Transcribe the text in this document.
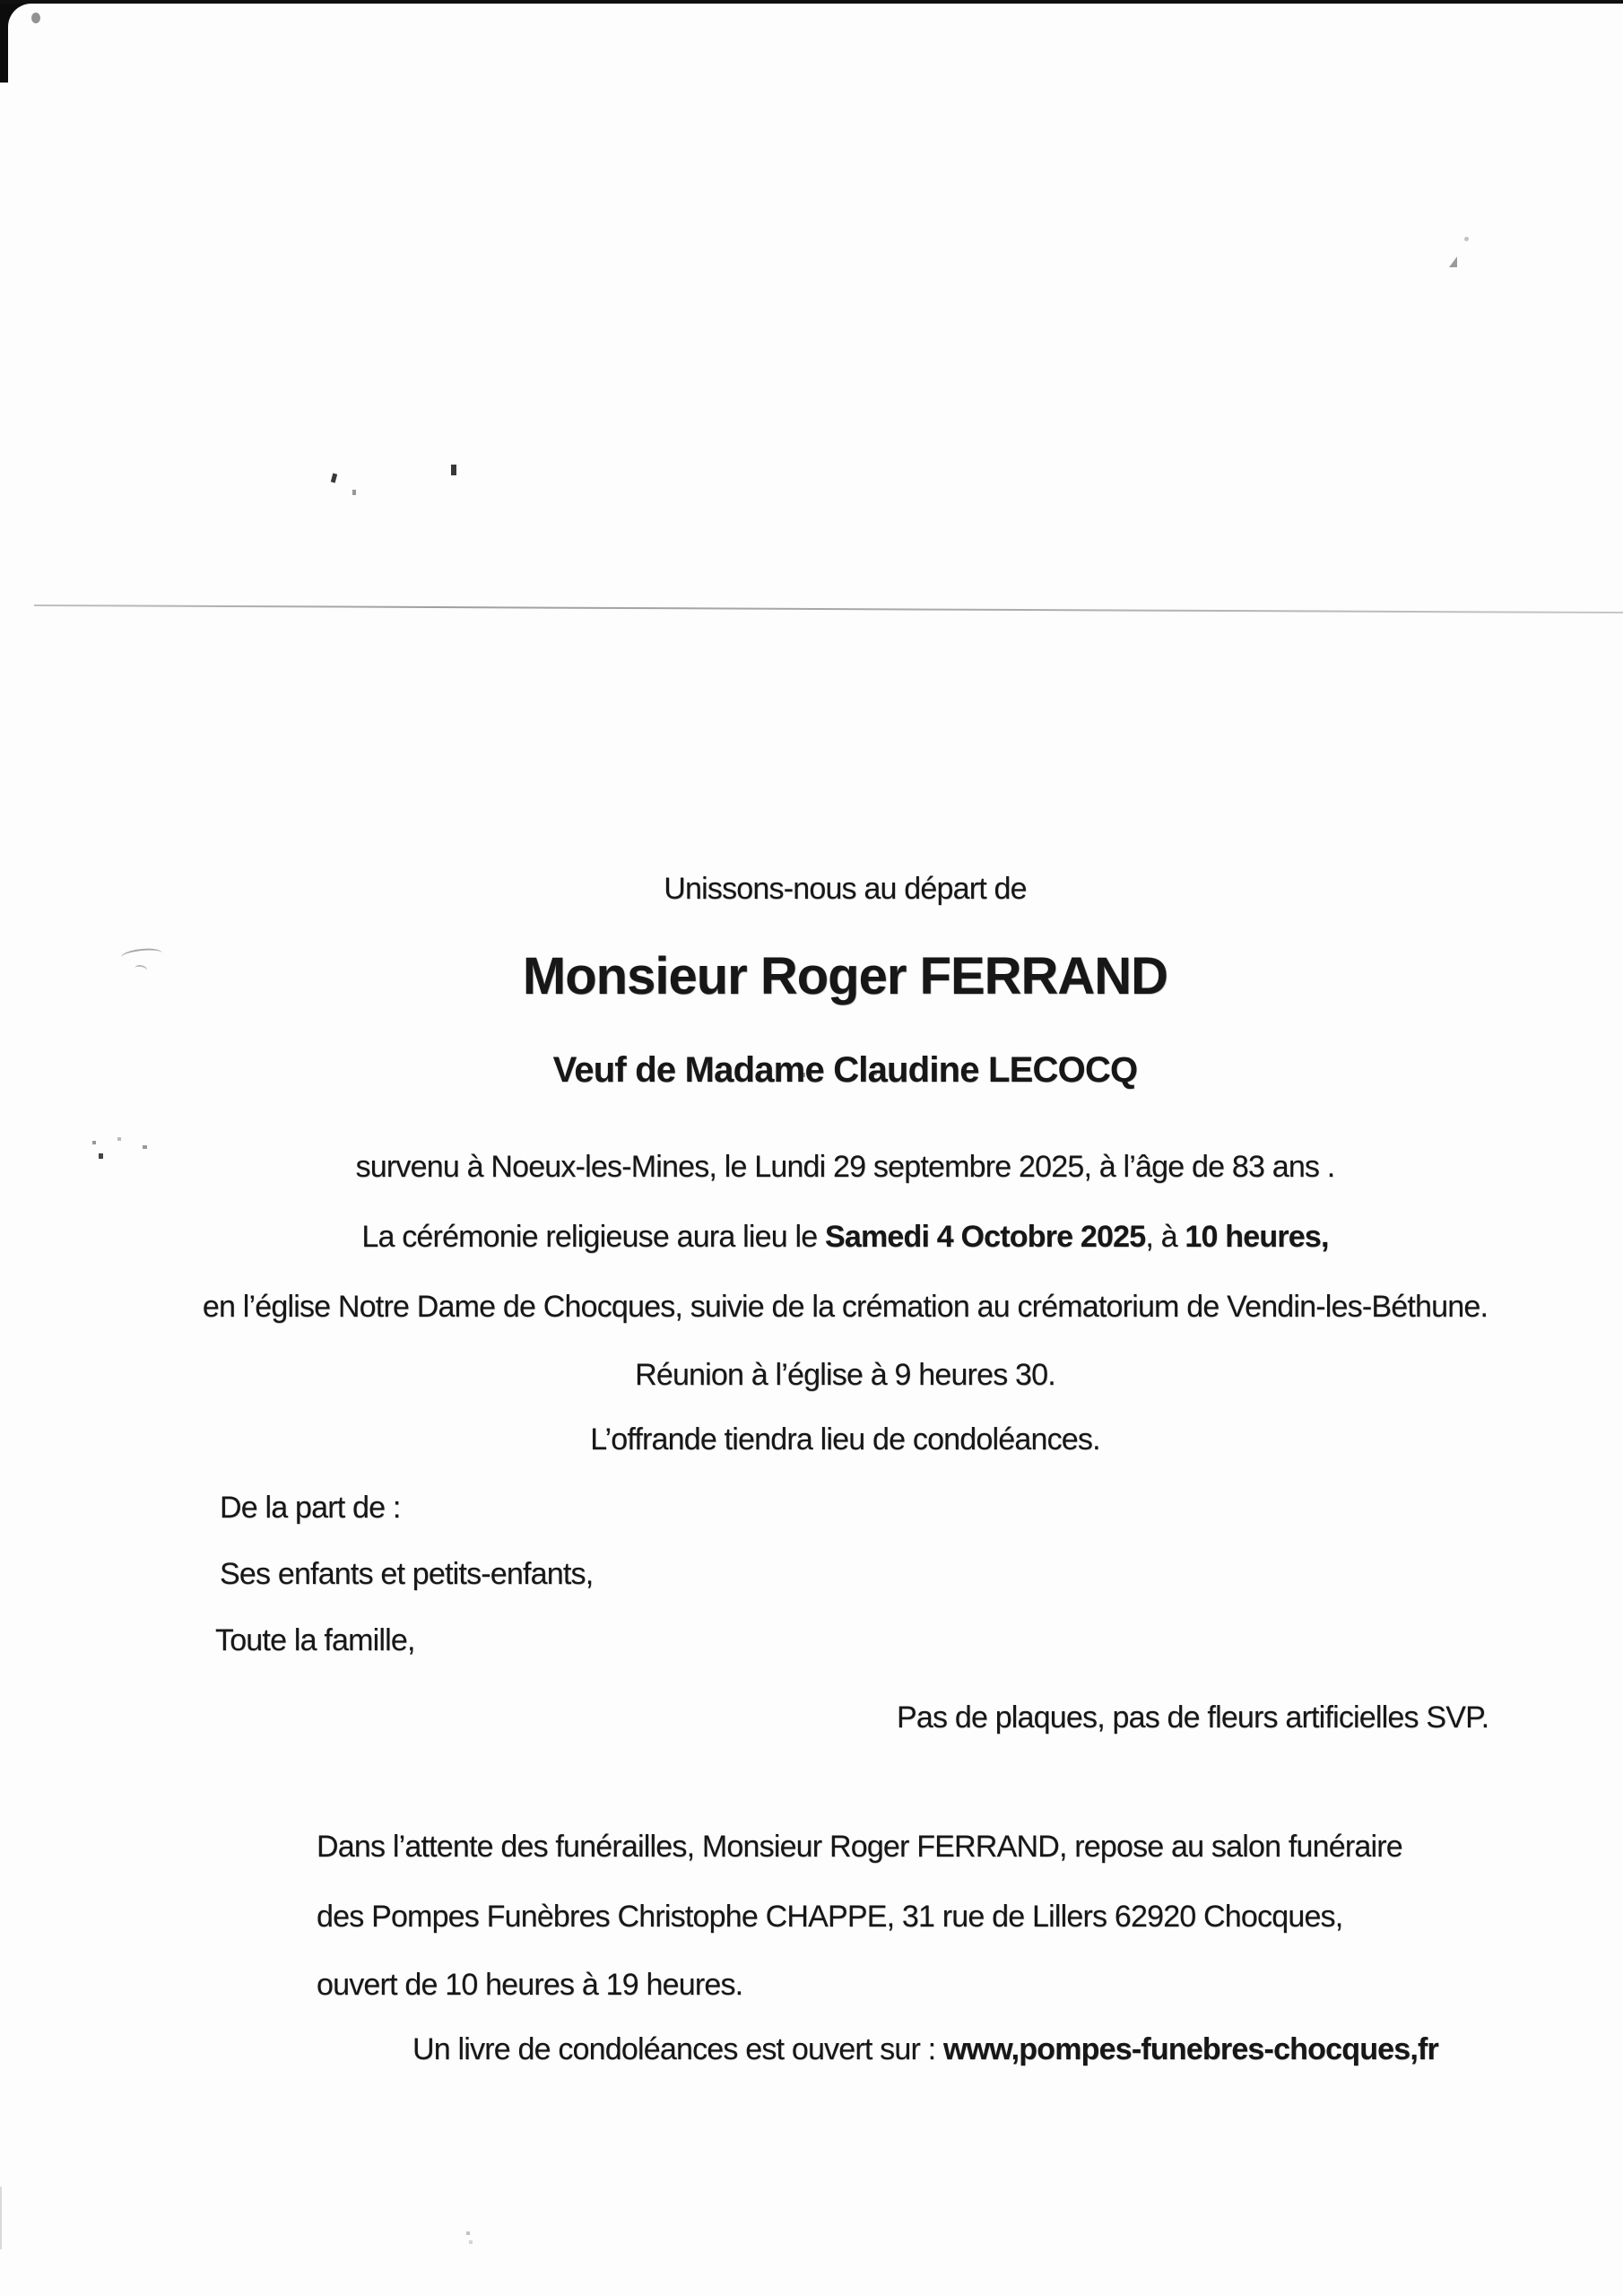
Unissons-nous au départ de
Monsieur Roger FERRAND
Veuf de Madame Claudine LECOCQ
survenu à Noeux-les-Mines, le Lundi 29 septembre 2025, à l’âge de 83 ans .
La cérémonie religieuse aura lieu le Samedi 4 Octobre 2025, à 10 heures,
en l’église Notre Dame de Chocques, suivie de la crémation au crématorium de Vendin-les-Béthune.
Réunion à l’église à 9 heures 30.
L’offrande tiendra lieu de condoléances.
De la part de :
Ses enfants et petits-enfants,
Toute la famille,
Pas de plaques, pas de fleurs artificielles SVP.
Dans l’attente des funérailles, Monsieur Roger FERRAND, repose au salon funéraire
des Pompes Funèbres Christophe CHAPPE, 31 rue de Lillers 62920 Chocques,
ouvert de 10 heures à 19 heures.
Un livre de condoléances est ouvert sur : www,pompes-funebres-chocques,fr
